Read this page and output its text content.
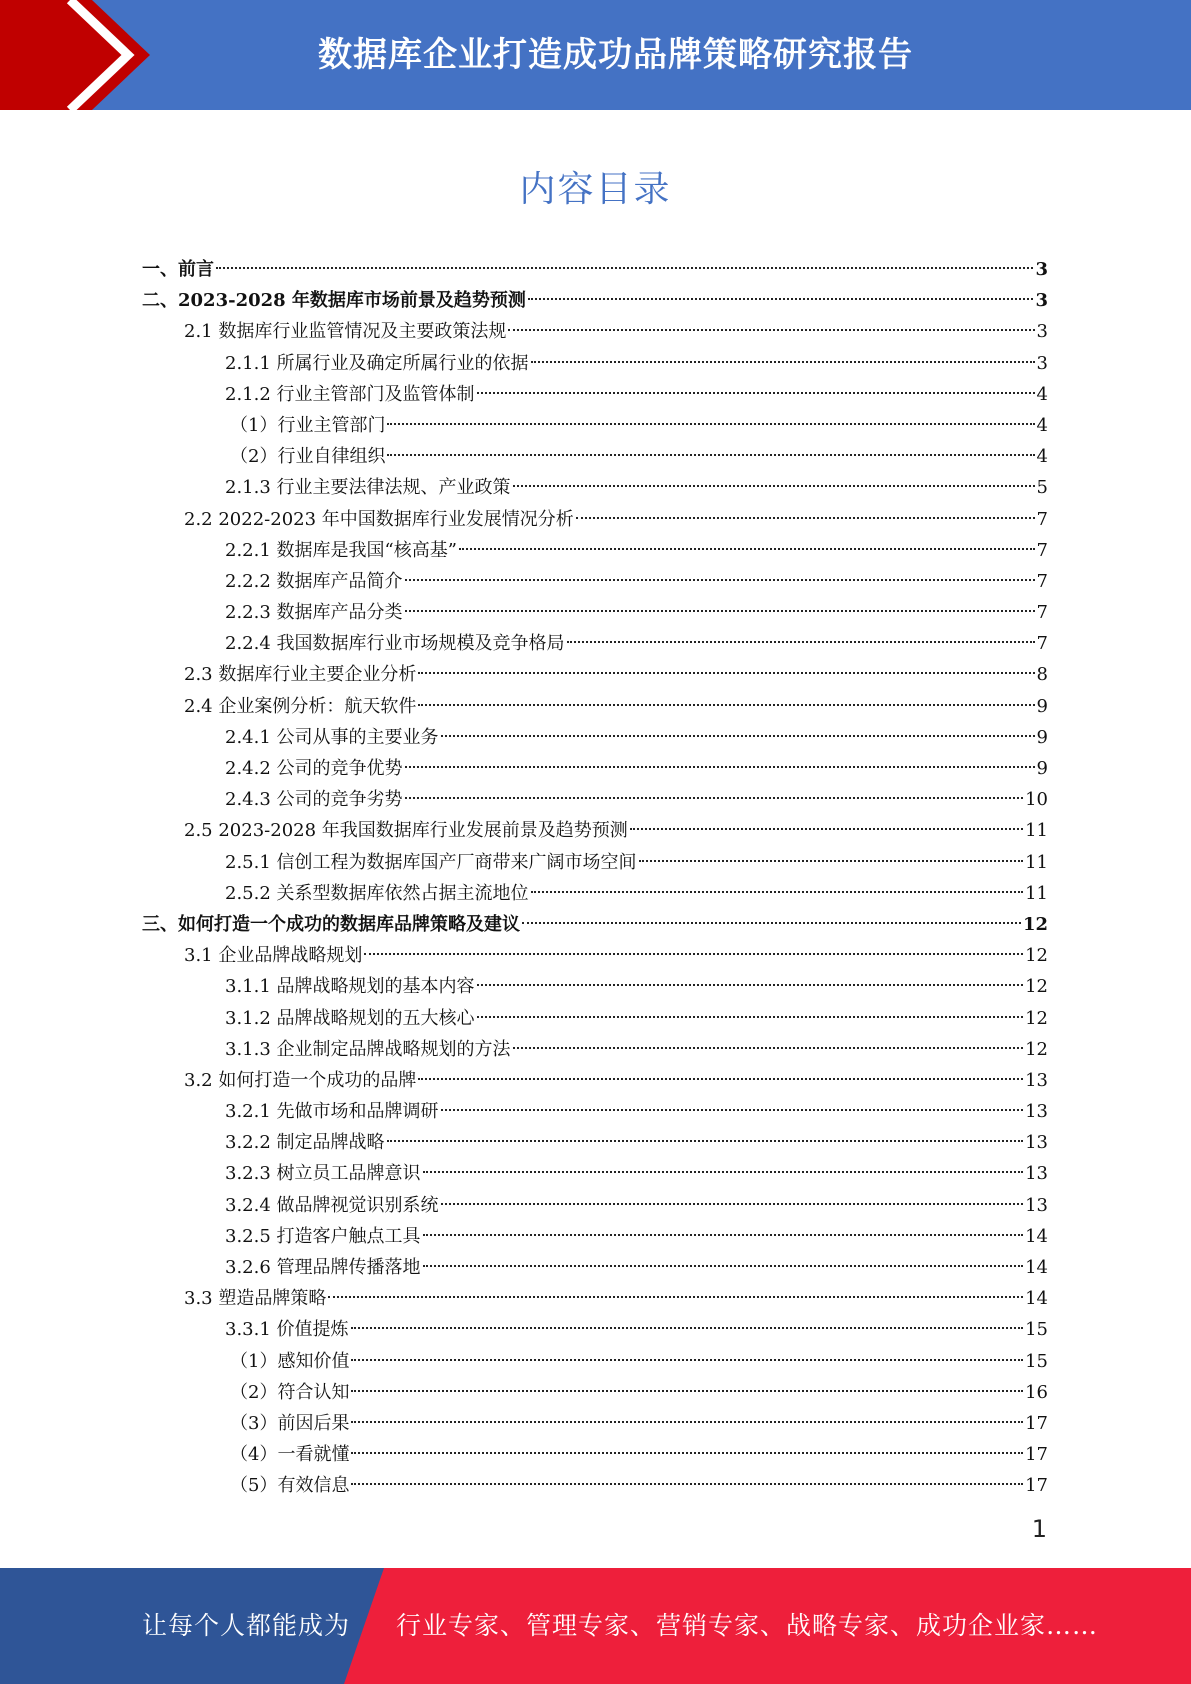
数据库企业打造成功品牌策略研究报告
内容目录
一、前言	3
二、2023-2028 年数据库市场前景及趋势预测	3
2.1 数据库行业监管情况及主要政策法规	3
2.1.1 所属行业及确定所属行业的依据	3
2.1.2 行业主管部门及监管体制	4
（1）行业主管部门	4
（2）行业自律组织	4
2.1.3 行业主要法律法规、产业政策	5
2.2 2022-2023 年中国数据库行业发展情况分析	7
2.2.1 数据库是我国“核高基”	7
2.2.2 数据库产品简介	7
2.2.3 数据库产品分类	7
2.2.4 我国数据库行业市场规模及竞争格局	7
2.3 数据库行业主要企业分析	8
2.4 企业案例分析：航天软件	9
2.4.1 公司从事的主要业务	9
2.4.2 公司的竞争优势	9
2.4.3 公司的竞争劣势	10
2.5 2023-2028 年我国数据库行业发展前景及趋势预测	11
2.5.1 信创工程为数据库国产厂商带来广阔市场空间	11
2.5.2 关系型数据库依然占据主流地位	11
三、如何打造一个成功的数据库品牌策略及建议	12
3.1 企业品牌战略规划	12
3.1.1 品牌战略规划的基本内容	12
3.1.2 品牌战略规划的五大核心	12
3.1.3 企业制定品牌战略规划的方法	12
3.2 如何打造一个成功的品牌	13
3.2.1 先做市场和品牌调研	13
3.2.2 制定品牌战略	13
3.2.3 树立员工品牌意识	13
3.2.4 做品牌视觉识别系统	13
3.2.5 打造客户触点工具	14
3.2.6 管理品牌传播落地	14
3.3 塑造品牌策略	14
3.3.1 价值提炼	15
（1）感知价值	15
（2）符合认知	16
（3）前因后果	17
（4）一看就懂	17
（5）有效信息	17
1
让每个人都能成为 行业专家、管理专家、营销专家、战略专家、成功企业家……
